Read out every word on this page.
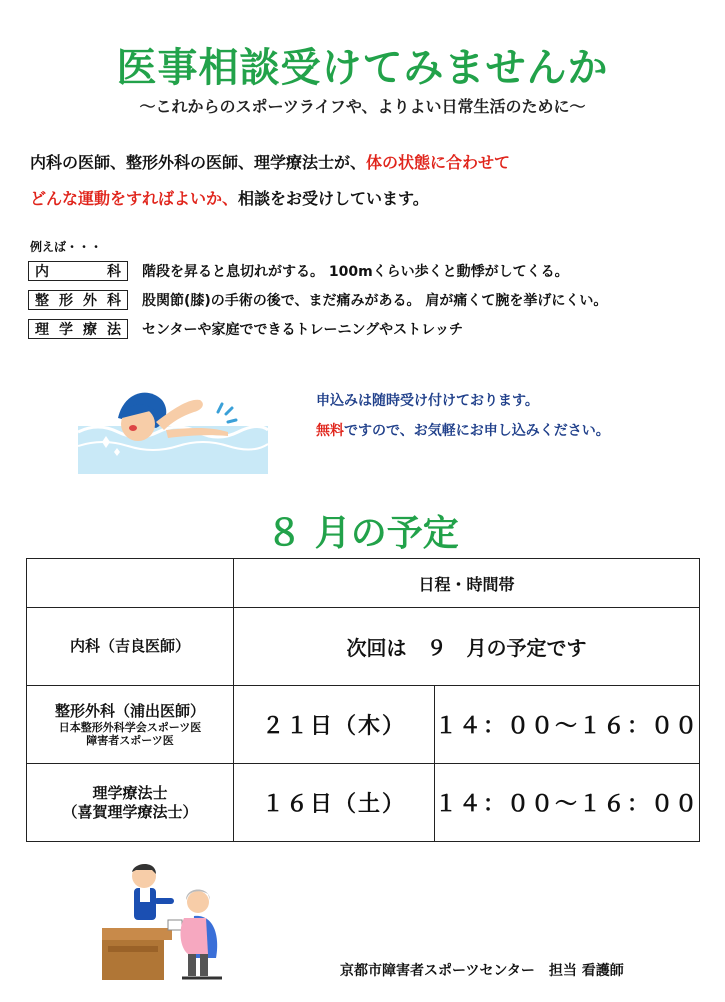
医事相談受けてみませんか
～これからのスポーツライフや、よりよい日常生活のために～
内科の医師、整形外科の医師、理学療法士が、体の状態に合わせて
どんな運動をすればよいか、相談をお受けしています。
例えば・・・
内	科 階段を昇ると息切れがする。 100mくらい歩くと動悸がしてくる。
整 形 外 科 股関節(膝)の手術の後で、まだ痛みがある。 肩が痛くて腕を挙げにくい。
理 学 療 法 センターや家庭でできるトレーニングやストレッチ
申込みは随時受け付けております。
無料ですので、お気軽にお申し込みください。
８ 月の予定
	日程・時間帯	
内科（吉良医師）	次回は　９　月の予定です	
整形外科（浦出医師）
日本整形外科学会スポーツ医
障害者スポーツ医	２１日（木）	１４：００～１６：００
理学療法士
（喜賀理学療法士）	１６日（土）	１４：００～１６：００
京都市障害者スポーツセンター　担当 看護師
